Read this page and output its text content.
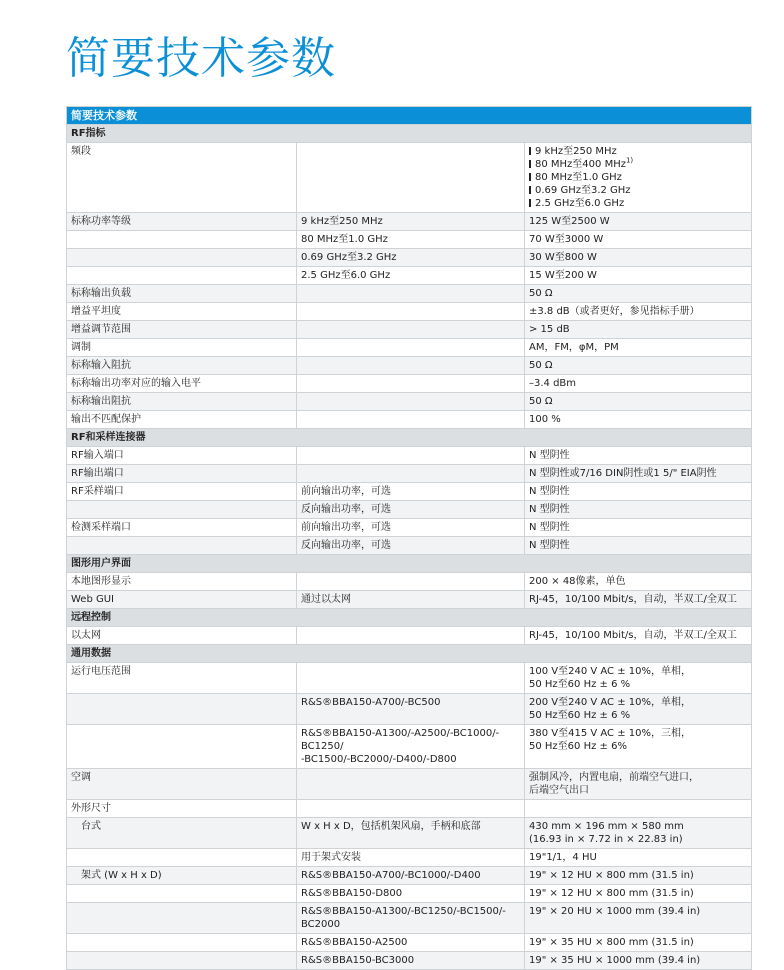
简要技术参数
简要技术参数		
RF指标		
频段		9 kHz至250 MHz
80 MHz至400 MHz$^{1)}$
80 MHz至1.0 GHz
0.69 GHz至3.2 GHz
2.5 GHz至6.0 GHz

标称功率等级	9 kHz至250 MHz	125 W至2500 W
	80 MHz至1.0 GHz	70 W至3000 W
	0.69 GHz至3.2 GHz	30 W至800 W
	2.5 GHz至6.0 GHz	15 W至200 W
标称输出负载		50 Ω
增益平坦度		±3.8 dB（或者更好，参见指标手册）
增益调节范围		> 15 dB
调制		AM，FM，φM，PM
标称输入阻抗		50 Ω
标称输出功率对应的输入电平		–3.4 dBm
标称输出阻抗		50 Ω
输出不匹配保护		100 %
RF和采样连接器		
RF输入端口		N 型阴性
RF输出端口		N 型阴性或7/16 DIN阴性或1 5/" EIA阴性
RF采样端口	前向输出功率，可选	N 型阴性
	反向输出功率，可选	N 型阴性
检测采样端口	前向输出功率，可选	N 型阴性
	反向输出功率，可选	N 型阴性
图形用户界面		
本地图形显示		200 × 48像素，单色
Web GUI	通过以太网	RJ-45，10/100 Mbit/s，自动，半双工/全双工
远程控制		
以太网		RJ-45，10/100 Mbit/s，自动，半双工/全双工
通用数据		
运行电压范围		100 V至240 V AC ± 10%，单相，
50 Hz至60 Hz ± 6 %

	R&S®BBA150-A700/-BC500	200 V至240 V AC ± 10%，单相，
50 Hz至60 Hz ± 6 %

	R&S®BBA150-A1300/-A2500/-BC1000/-BC1250/
-BC1500/-BC2000/-D400/-D800	380 V至415 V AC ± 10%，三相，
50 Hz至60 Hz ± 6%

空调		强制风冷，内置电扇，前端空气进口，
后端空气出口

外形尺寸		
台式	W x H x D，包括机架风扇，手柄和底部	430 mm × 196 mm × 580 mm
(16.93 in × 7.72 in × 22.83 in)

	用于架式安装	19"1/1，4 HU
架式 (W x H x D)	R&S®BBA150-A700/-BC1000/-D400	19" × 12 HU × 800 mm (31.5 in)
	R&S®BBA150-D800	19" × 12 HU × 800 mm (31.5 in)
	R&S®BBA150-A1300/-BC1250/-BC1500/-BC2000	19" × 20 HU × 1000 mm (39.4 in)
	R&S®BBA150-A2500	19" × 35 HU × 800 mm (31.5 in)
	R&S®BBA150-BC3000	19" × 35 HU × 1000 mm (39.4 in)
